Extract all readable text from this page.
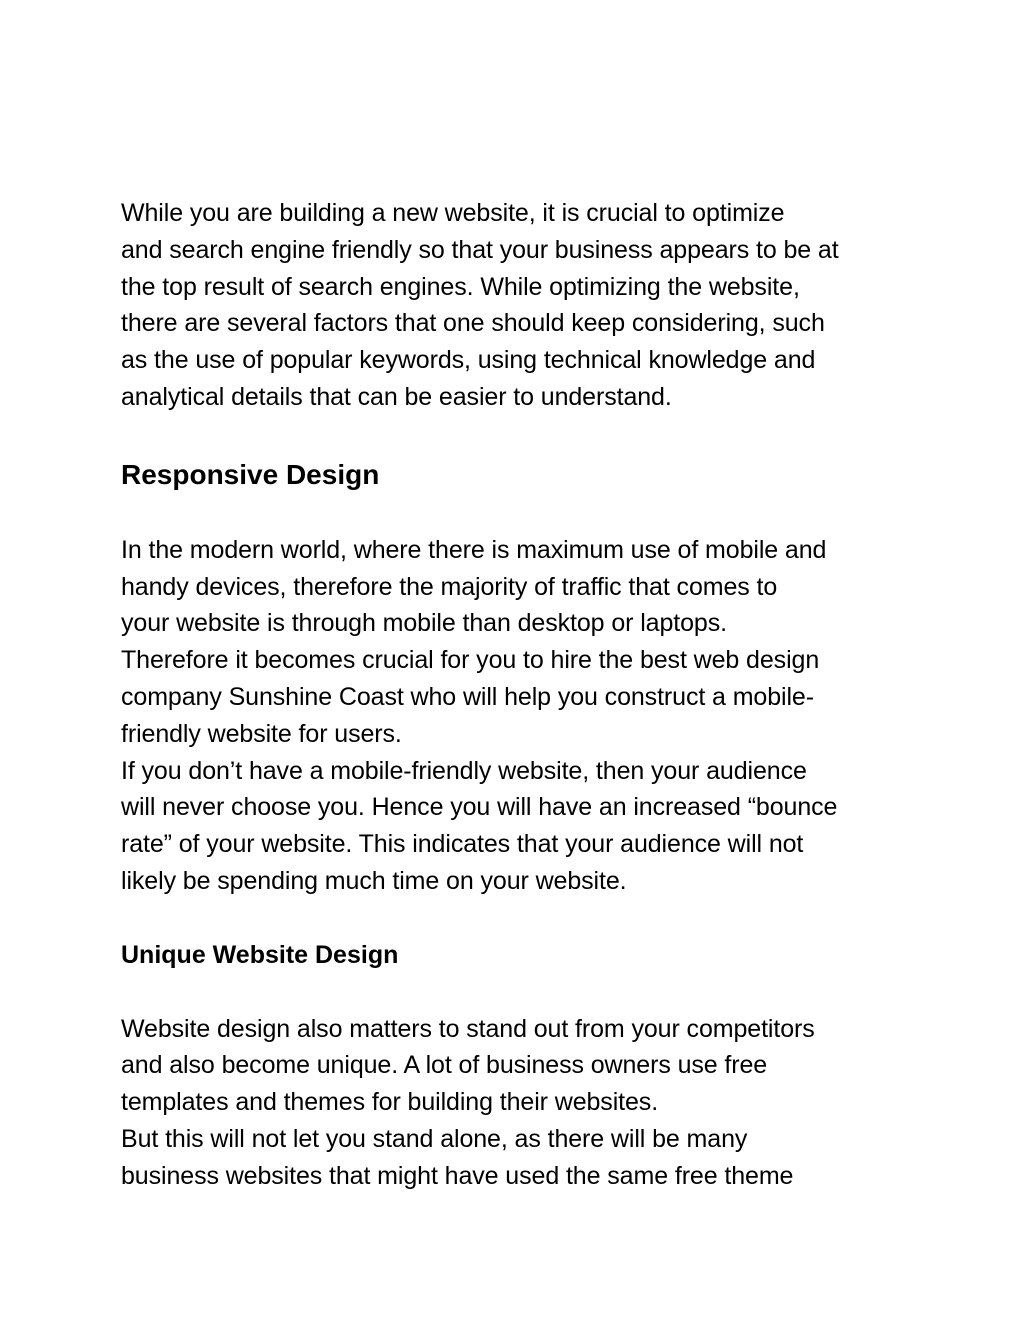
While you are building a new website, it is crucial to optimize
and search engine friendly so that your business appears to be at
the top result of search engines. While optimizing the website,
there are several factors that one should keep considering, such
as the use of popular keywords, using technical knowledge and
analytical details that can be easier to understand.

Responsive Design

In the modern world, where there is maximum use of mobile and
handy devices, therefore the majority of traffic that comes to
your website is through mobile than desktop or laptops.
Therefore it becomes crucial for you to hire the best web design
company Sunshine Coast who will help you construct a mobile-
friendly website for users.
If you don’t have a mobile-friendly website, then your audience
will never choose you. Hence you will have an increased “bounce
rate” of your website. This indicates that your audience will not
likely be spending much time on your website.

Unique Website Design

Website design also matters to stand out from your competitors
and also become unique. A lot of business owners use free
templates and themes for building their websites.
But this will not let you stand alone, as there will be many
business websites that might have used the same free theme
